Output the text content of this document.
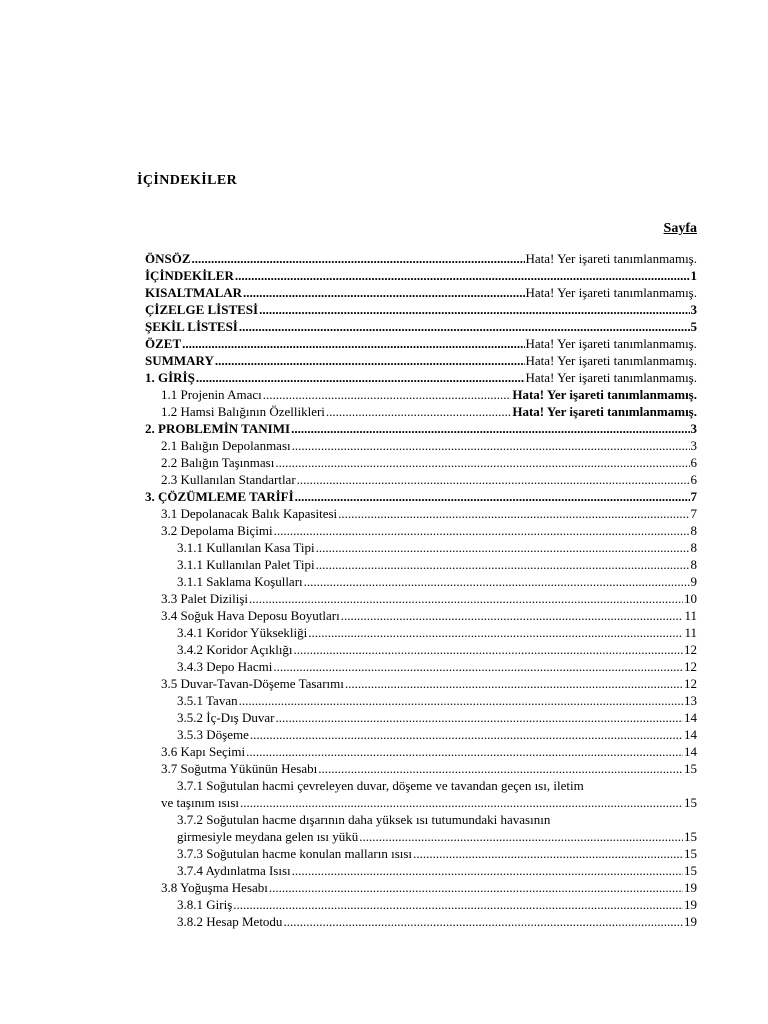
İÇİNDEKİLER
Sayfa
ÖNSÖZ .....	Hata! Yer işareti tanımlanmamış.
İÇİNDEKİLER .....	1
KISALTMALAR .....	Hata! Yer işareti tanımlanmamış.
ÇİZELGE LİSTESİ .....	3
ŞEKİL LİSTESİ .....	5
ÖZET .....	Hata! Yer işareti tanımlanmamış.
SUMMARY .....	Hata! Yer işareti tanımlanmamış.
1. GİRİŞ .....	Hata! Yer işareti tanımlanmamış.
1.1 Projenin Amacı .....	Hata! Yer işareti tanımlanmamış.
1.2 Hamsi Balığının Özellikleri .....	Hata! Yer işareti tanımlanmamış.
2. PROBLEMİN TANIMI .....	3
2.1 Balığın Depolanması .....	3
2.2 Balığın Taşınması .....	6
2.3 Kullanılan Standartlar .....	6
3. ÇÖZÜMLEME TARİFİ .....	7
3.1 Depolanacak Balık Kapasitesi .....	7
3.2 Depolama Biçimi .....	8
3.1.1 Kullanılan Kasa Tipi .....	8
3.1.1 Kullanılan Palet Tipi .....	8
3.1.1 Saklama Koşulları .....	9
3.3 Palet Dizilişi .....	10
3.4 Soğuk Hava Deposu Boyutları .....	11
3.4.1 Koridor Yüksekliği .....	11
3.4.2 Koridor Açıklığı .....	12
3.4.3 Depo Hacmi .....	12
3.5 Duvar-Tavan-Döşeme Tasarımı .....	12
3.5.1 Tavan .....	13
3.5.2 İç-Dış Duvar .....	14
3.5.3 Döşeme .....	14
3.6 Kapı Seçimi .....	14
3.7 Soğutma Yükünün Hesabı .....	15
3.7.1 Soğutulan hacmi çevreleyen duvar, döşeme ve tavandan geçen ısı, iletim
ve taşınım ısısı .....	15
3.7.2 Soğutulan hacme dışarının daha yüksek ısı tutumundaki havasının
girmesiyle meydana gelen ısı yükü .....	15
3.7.3 Soğutulan hacme konulan malların ısısı .....	15
3.7.4 Aydınlatma Isısı .....	15
3.8 Yoğuşma Hesabı .....	19
3.8.1 Giriş .....	19
3.8.2 Hesap Metodu .....	19
